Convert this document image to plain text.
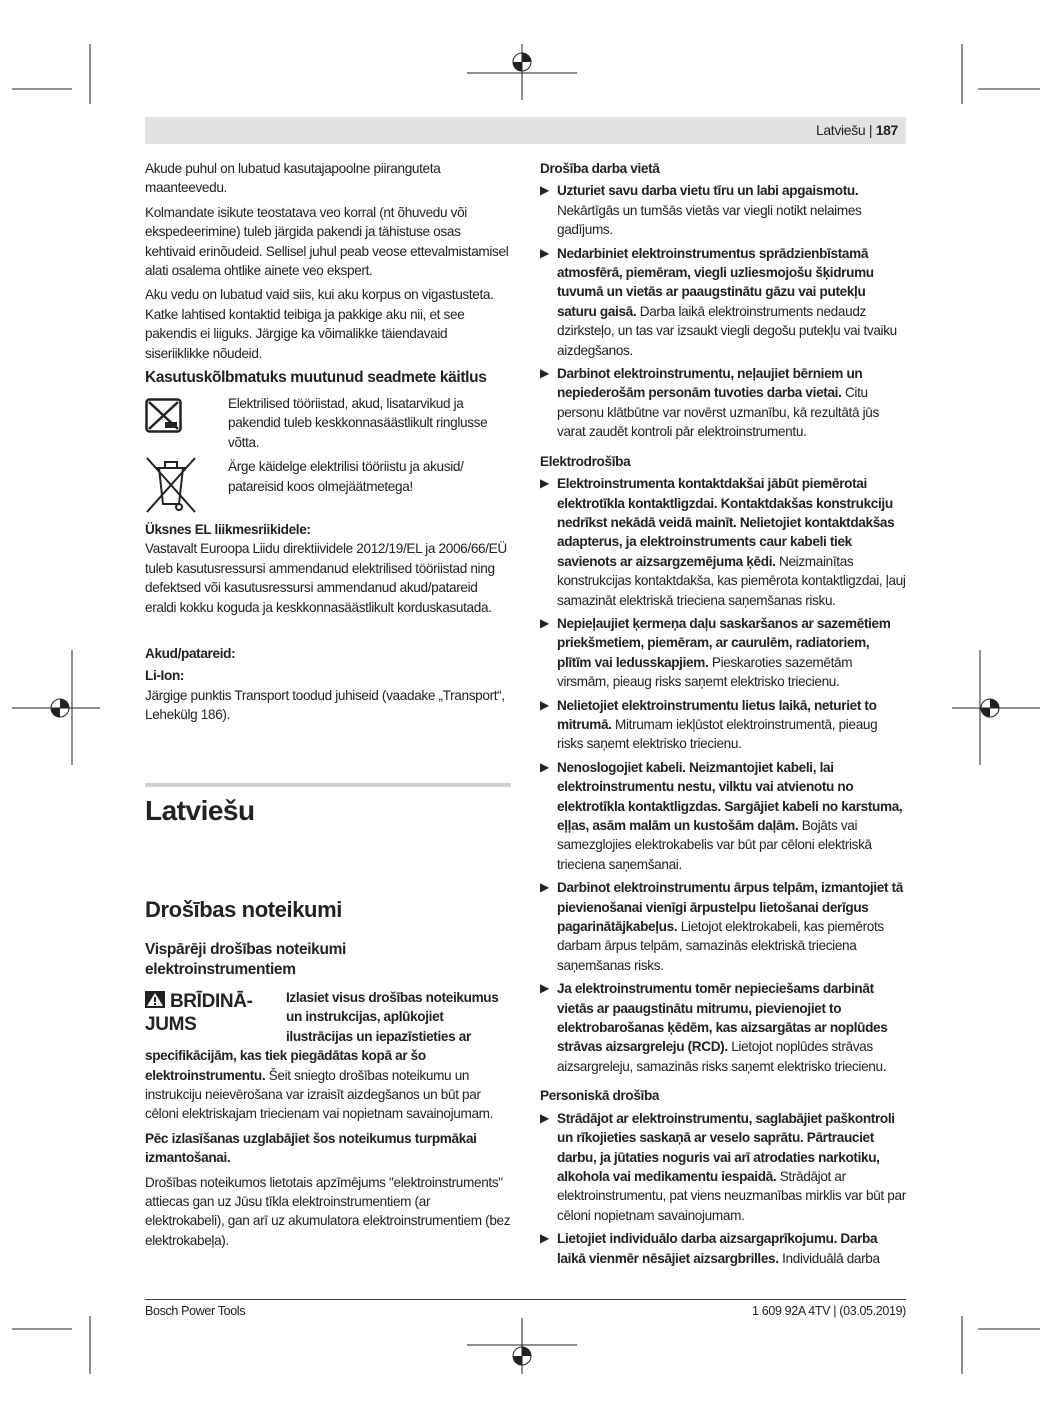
Latviešu | 187

Akude puhul on lubatud kasutajapoolne piiranguteta maanteevedu.

Kolmandate isikute teostatava veo korral (nt õhuvedu või ekspedeerimine) tuleb järgida pakendi ja tähistuse osas kehtivaid erinõudeid. Sellisel juhul peab veose ettevalmistamisel alati osalema ohtlike ainete veo ekspert.

Aku vedu on lubatud vaid siis, kui aku korpus on vigastusteta. Katke lahtised kontaktid teibiga ja pakkige aku nii, et see pakendis ei liiguks. Järgige ka võimalikke täiendavaid siseriiklikke nõudeid.

Kasutuskõlbmatuks muutunud seadmete käitlus

Elektrilised tööriistad, akud, lisatarvikud ja pakendid tuleb keskkonnasäästlikult ringlusse võtta.

Ärge käidelge elektrilisi tööriistu ja akusid/ patareisid koos olmejäätmetega!

Üksnes EL liikmesriikidele:

Vastavalt Euroopa Liidu direktiividele 2012/19/EL ja 2006/66/EÜ tuleb kasutusressursi ammendanud elektrilised tööriistad ning defektsed või kasutusressursi ammendanud akud/patareid eraldi kokku koguda ja keskkonnasäästlikult korduskasutada.

Akud/patareid:
Li-Ion:

Järgige punktis Transport toodud juhiseid (vaadake „Transport“, Lehekülg 186).

Latviešu
Drošības noteikumi
Vispārēji drošības noteikumi elektroinstrumentiem
BRĪDINĀ-JUMS

Izlasiet visus drošības noteikumus un instrukcijas, aplūkojiet ilustrācijas un iepazīstieties ar specifikācijām, kas tiek piegādātas kopā ar šo elektroinstrumentu. Šeit sniegto drošības noteikumu un instrukciju neievērošana var izraisīt aizdegšanos un būt par cēloni elektriskajam triecienam vai nopietnam savainojumam.

Pēc izlasīšanas uzglabājiet šos noteikumus turpmākai izmantošanai.

Drošības noteikumos lietotais apzīmējums "elektroinstruments" attiecas gan uz Jūsu tīkla elektroinstrumentiem (ar elektrokabeli), gan arī uz akumulatora elektroinstrumentiem (bez elektrokabeļa).

Drošība darba vietā
▶ Uzturiet savu darba vietu tīru un labi apgaismotu. Nekārtīgās un tumšās vietās var viegli notikt nelaimes gadījums.
▶ Nedarbiniet elektroinstrumentus sprādzienbīstamā atmosfērā, piemēram, viegli uzliesmojošu šķidrumu tuvumā un vietās ar paaugstinātu gāzu vai putekļu saturu gaisā. Darba laikā elektroinstruments nedaudz dzirksteļo, un tas var izsaukt viegli degošu putekļu vai tvaiku aizdegšanos.
▶ Darbinot elektroinstrumentu, neļaujiet bērniem un nepiederošām personām tuvoties darba vietai. Citu personu klātbūtne var novērst uzmanību, kā rezultātā jūs varat zaudēt kontroli pār elektroinstrumentu.
Elektrodrošība
▶ Elektroinstrumenta kontaktdakšai jābūt piemērotai elektrotīkla kontaktligzdai. Kontaktdakšas konstrukciju nedrīkst nekādā veidā mainīt. Nelietojiet kontaktdakšas adapterus, ja elektroinstruments caur kabeli tiek savienots ar aizsargzemējuma ķēdi. Neizmainītas konstrukcijas kontaktdakša, kas piemērota kontaktligzdai, ļauj samazināt elektriskā trieciena saņemšanas risku.
▶ Nepieļaujiet ķermeņa daļu saskaršanos ar sazemētiem priekšmetiem, piemēram, ar caurulēm, radiatoriem, plītīm vai ledusskapjiem. Pieskaroties sazemētām virsmām, pieaug risks saņemt elektrisko triecienu.
▶ Nelietojiet elektroinstrumentu lietus laikā, neturiet to mitrumā. Mitrumam iekļūstot elektroinstrumentā, pieaug risks saņemt elektrisko triecienu.
▶ Nenoslogojiet kabeli. Neizmantojiet kabeli, lai elektroinstrumentu nestu, vilktu vai atvienotu no elektrotīkla kontaktligzdas. Sargājiet kabeli no karstuma, eļļas, asām malām un kustošām daļām. Bojāts vai samezglojies elektrokabelis var būt par cēloni elektriskā trieciena saņemšanai.
▶ Darbinot elektroinstrumentu ārpus telpām, izmantojiet tā pievienošanai vienīgi ārpustelpu lietošanai derīgus pagarinātājkabeļus. Lietojot elektrokabeli, kas piemērots darbam ārpus telpām, samazinās elektriskā trieciena saņemšanas risks.
▶ Ja elektroinstrumentu tomēr nepieciešams darbināt vietās ar paaugstinātu mitrumu, pievienojiet to elektrobarošanas ķēdēm, kas aizsargātas ar noplūdes strāvas aizsargreleju (RCD). Lietojot noplūdes strāvas aizsargreleju, samazinās risks saņemt elektrisko triecienu.
Personiskā drošība
▶ Strādājot ar elektroinstrumentu, saglabājiet paškontroli un rīkojieties saskaņā ar veselo saprātu. Pārtrauciet darbu, ja jūtaties noguris vai arī atrodaties narkotiku, alkohola vai medikamentu iespaidā. Strādājot ar elektroinstrumentu, pat viens neuzmanības mirklis var būt par cēloni nopietnam savainojumam.
▶ Lietojiet individuālo darba aizsargaprīkojumu. Darba laikā vienmēr nēsājiet aizsargbrilles. Individuālā darba
Bosch Power Tools	1 609 92A 4TV | (03.05.2019)
